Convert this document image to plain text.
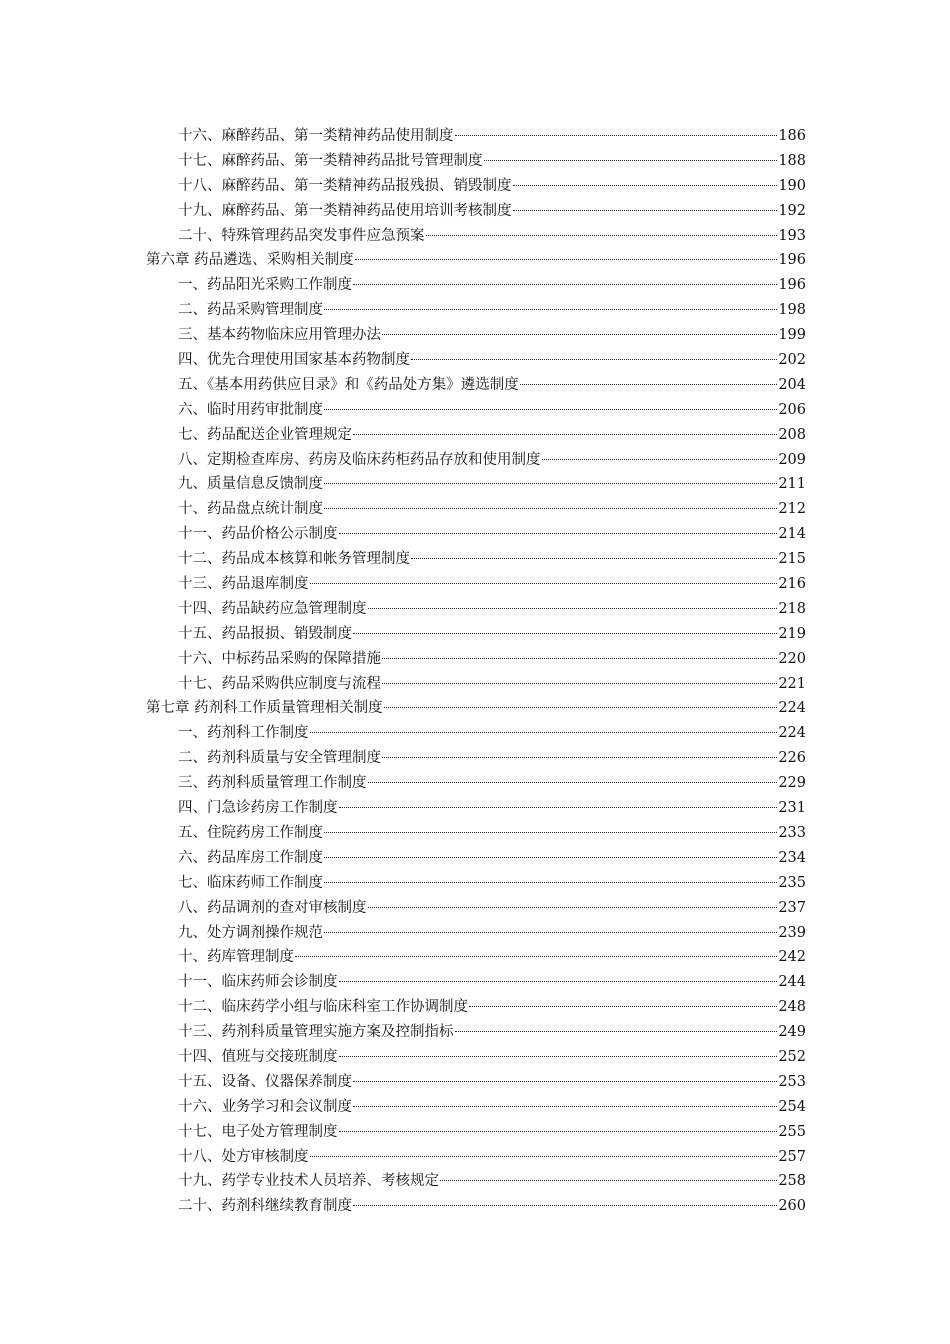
十六、麻醉药品、第一类精神药品使用制度	186
十七、麻醉药品、第一类精神药品批号管理制度	188
十八、麻醉药品、第一类精神药品报残损、销毁制度	190
十九、麻醉药品、第一类精神药品使用培训考核制度	192
二十、特殊管理药品突发事件应急预案	193
第六章 药品遴选、采购相关制度	196
一、药品阳光采购工作制度	196
二、药品采购管理制度	198
三、基本药物临床应用管理办法	199
四、优先合理使用国家基本药物制度	202
五、《基本用药供应目录》和《药品处方集》遴选制度	204
六、临时用药审批制度	206
七、药品配送企业管理规定	208
八、定期检查库房、药房及临床药柜药品存放和使用制度	209
九、质量信息反馈制度	211
十、药品盘点统计制度	212
十一、药品价格公示制度	214
十二、药品成本核算和帐务管理制度	215
十三、药品退库制度	216
十四、药品缺药应急管理制度	218
十五、药品报损、销毁制度	219
十六、中标药品采购的保障措施	220
十七、药品采购供应制度与流程	221
第七章 药剂科工作质量管理相关制度	224
一、药剂科工作制度	224
二、药剂科质量与安全管理制度	226
三、药剂科质量管理工作制度	229
四、门急诊药房工作制度	231
五、住院药房工作制度	233
六、药品库房工作制度	234
七、临床药师工作制度	235
八、药品调剂的查对审核制度	237
九、处方调剂操作规范	239
十、药库管理制度	242
十一、临床药师会诊制度	244
十二、临床药学小组与临床科室工作协调制度	248
十三、药剂科质量管理实施方案及控制指标	249
十四、值班与交接班制度	252
十五、设备、仪器保养制度	253
十六、业务学习和会议制度	254
十七、电子处方管理制度	255
十八、处方审核制度	257
十九、药学专业技术人员培养、考核规定	258
二十、药剂科继续教育制度	260
